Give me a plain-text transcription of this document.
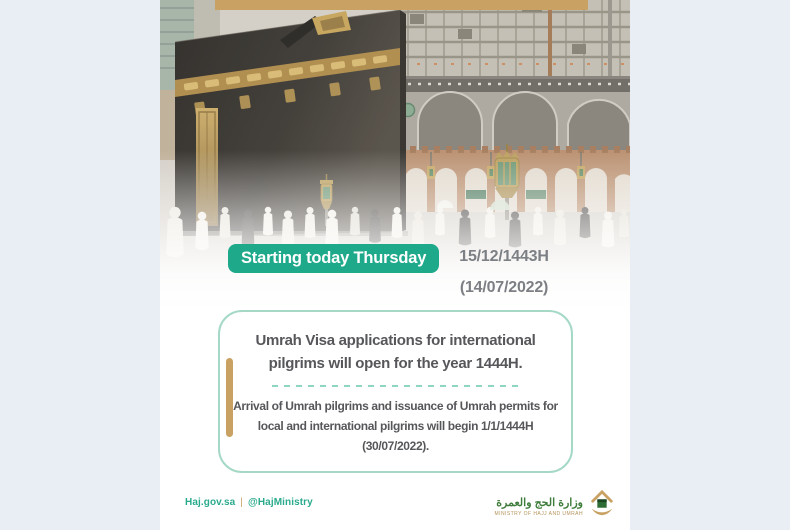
Starting today Thursday	15/12/1443H
(14/07/2022)
Umrah Visa applications for international pilgrims will open for the year 1444H.
Arrival of Umrah pilgrims and issuance of Umrah permits for local and international pilgrims will begin 1/1/1444H (30/07/2022).
Haj.gov.sa | @HajMinistry	وزارة الحج والعمرة
MINISTRY OF HAJJ AND UMRAH
